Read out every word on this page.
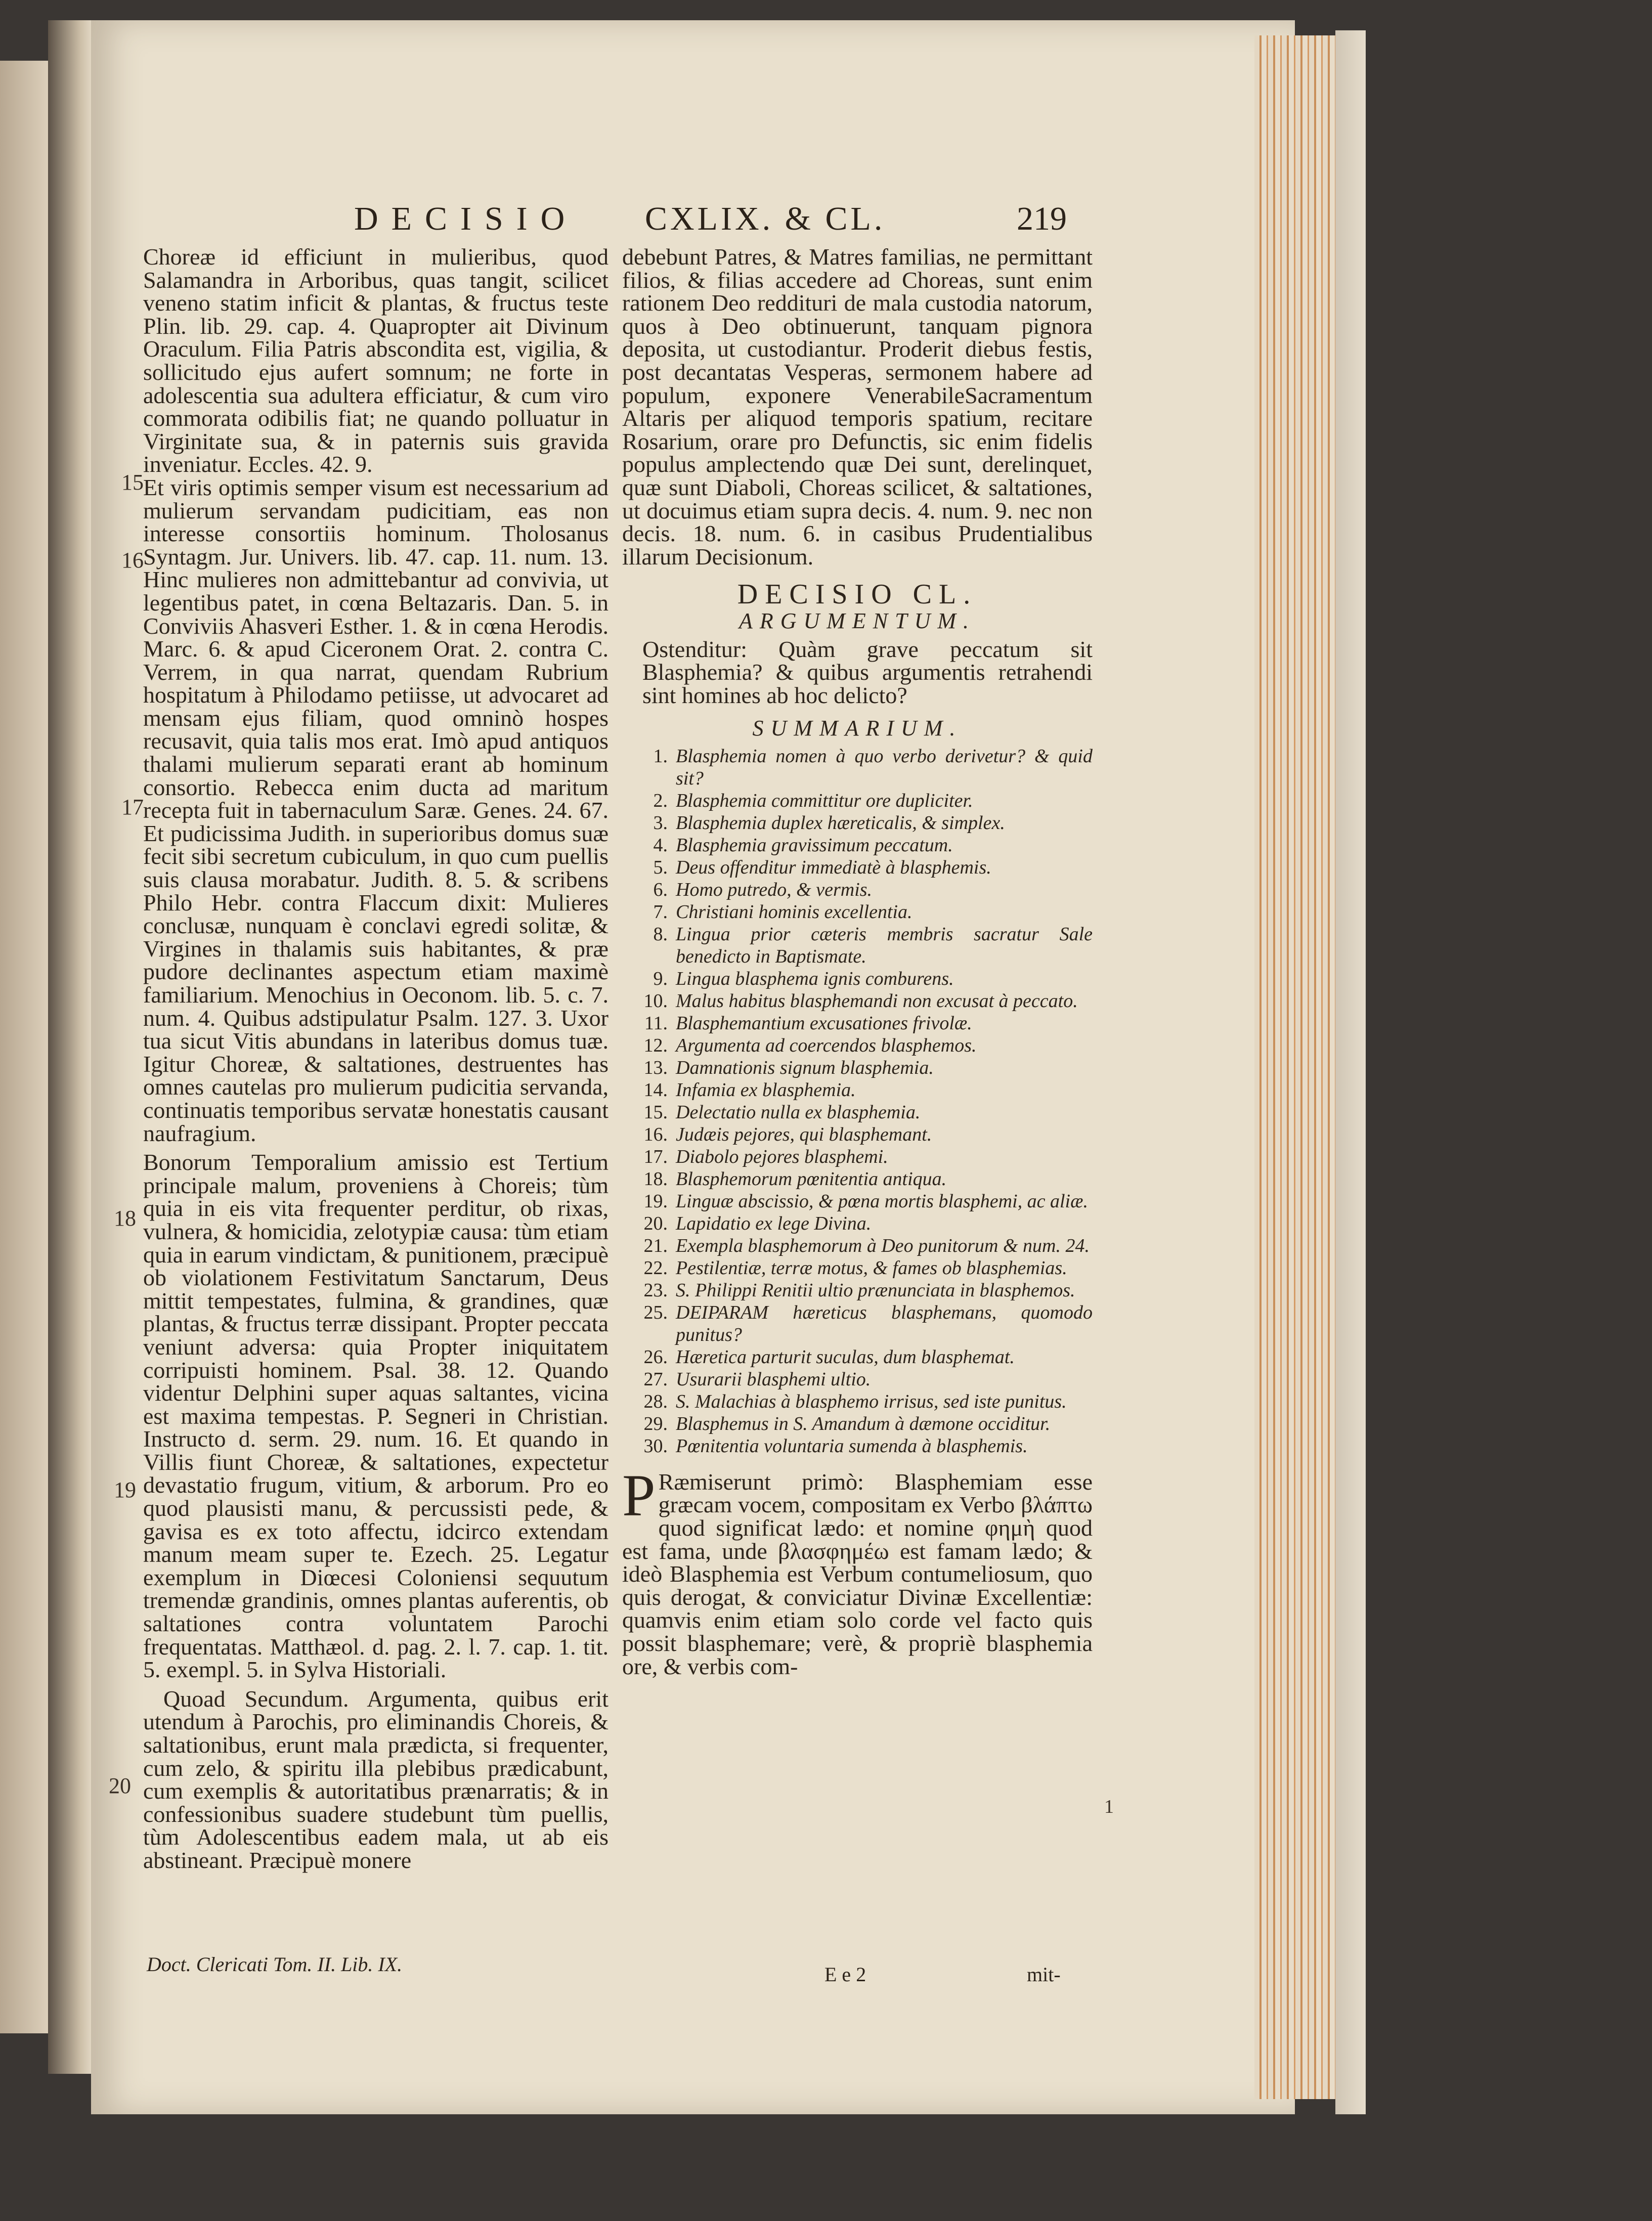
DECISIO CXLIX. & CL.	219

Choreæ id efficiunt in mulieribus, quod Salamandra in Arboribus, quas tangit, scilicet veneno statim inficit & plantas, & fructus teste Plin. lib. 29. cap. 4. Quapropter ait Divinum Oraculum. Filia Patris abscondita est, vigilia, & sollicitudo ejus aufert somnum; ne forte in adolescentia sua adultera efficiatur, & cum viro commorata odibilis fiat; ne quando polluatur in Virginitate sua, & in paternis suis gravida inveniatur. Eccles. 42. 9.

Et viris optimis semper visum est necessarium ad mulierum servandam pudicitiam, eas non interesse consortiis hominum. Tholosanus Syntagm. Jur. Univers. lib. 47. cap. 11. num. 13. Hinc mulieres non admittebantur ad convivia, ut legentibus patet, in cœna Beltazaris. Dan. 5. in Conviviis Ahasveri Esther. 1. & in cœna Herodis. Marc. 6. & apud Ciceronem Orat. 2. contra C. Verrem, in qua narrat, quendam Rubrium hospitatum à Philodamo petiisse, ut advocaret ad mensam ejus filiam, quod omninò hospes recusavit, quia talis mos erat. Imò apud antiquos thalami mulierum separati erant ab hominum consortio. Rebecca enim ducta ad maritum recepta fuit in tabernaculum Saræ. Genes. 24. 67. Et pudicissima Judith. in superioribus domus suæ fecit sibi secretum cubiculum, in quo cum puellis suis clausa morabatur. Judith. 8. 5. & scribens Philo Hebr. contra Flaccum dixit: Mulieres conclusæ, nunquam è conclavi egredi solitæ, & Virgines in thalamis suis habitantes, & præ pudore declinantes aspectum etiam maximè familiarium. Menochius in Oeconom. lib. 5. c. 7. num. 4. Quibus adstipulatur Psalm. 127. 3. Uxor tua sicut Vitis abundans in lateribus domus tuæ. Igitur Choreæ, & saltationes, destruentes has omnes cautelas pro mulierum pudicitia servanda, continuatis temporibus servatæ honestatis causant naufragium.

Bonorum Temporalium amissio est Tertium principale malum, proveniens à Choreis; tùm quia in eis vita frequenter perditur, ob rixas, vulnera, & homicidia, zelotypiæ causa: tùm etiam quia in earum vindictam, & punitionem, præcipuè ob violationem Festivitatum Sanctarum, Deus mittit tempestates, fulmina, & grandines, quæ plantas, & fructus terræ dissipant. Propter peccata veniunt adversa: quia Propter iniquitatem corripuisti hominem. Psal. 38. 12. Quando videntur Delphini super aquas saltantes, vicina est maxima tempestas. P. Segneri in Christian. Instructo d. serm. 29. num. 16. Et quando in Villis fiunt Choreæ, & saltationes, expectetur devastatio frugum, vitium, & arborum. Pro eo quod plausisti manu, & percussisti pede, & gavisa es ex toto affectu, idcirco extendam manum meam super te. Ezech. 25. Legatur exemplum in Diœcesi Coloniensi sequutum tremendæ grandinis, omnes plantas auferentis, ob saltationes contra voluntatem Parochi frequentatas. Matthæol. d. pag. 2. l. 7. cap. 1. tit. 5. exempl. 5. in Sylva Historiali.

Quoad Secundum. Argumenta, quibus erit utendum à Parochis, pro eliminandis Choreis, & saltationibus, erunt mala prædicta, si frequenter, cum zelo, & spiritu illa plebibus prædicabunt, cum exemplis & autoritatibus prænarratis; & in confessionibus suadere studebunt tùm puellis, tùm Adolescentibus eadem mala, ut ab eis abstineant. Præcipuè monere

15
16
17
18
19
20
Doct. Clericati Tom. II. Lib. IX.	E e 2	mit-

debebunt Patres, & Matres familias, ne permittant filios, & filias accedere ad Choreas, sunt enim rationem Deo reddituri de mala custodia natorum, quos à Deo obtinuerunt, tanquam pignora deposita, ut custodiantur. Proderit diebus festis, post decantatas Vesperas, sermonem habere ad populum, exponere VenerabileSacramentum Altaris per aliquod temporis spatium, recitare Rosarium, orare pro Defunctis, sic enim fidelis populus amplectendo quæ Dei sunt, derelinquet, quæ sunt Diaboli, Choreas scilicet, & saltationes, ut docuimus etiam supra decis. 4. num. 9. nec non decis. 18. num. 6. in casibus Prudentialibus illarum Decisionum.

DECISIO CL.
ARGUMENTUM.

Ostenditur: Quàm grave peccatum sit Blasphemia? & quibus argumentis retrahendi sint homines ab hoc delicto?

SUMMARIUM.
1. Blasphemia nomen à quo verbo derivetur? & quid sit?
2. Blasphemia committitur ore dupliciter.
3. Blasphemia duplex hæreticalis, & simplex.
4. Blasphemia gravissimum peccatum.
5. Deus offenditur immediatè à blasphemis.
6. Homo putredo, & vermis.
7. Christiani hominis excellentia.
8. Lingua prior cæteris membris sacratur Sale benedicto in Baptismate.
9. Lingua blasphema ignis comburens.
10. Malus habitus blasphemandi non excusat à peccato.
11. Blasphemantium excusationes frivolæ.
12. Argumenta ad coercendos blasphemos.
13. Damnationis signum blasphemia.
14. Infamia ex blasphemia.
15. Delectatio nulla ex blasphemia.
16. Judæis pejores, qui blasphemant.
17. Diabolo pejores blasphemi.
18. Blasphemorum pœnitentia antiqua.
19. Linguæ abscissio, & pœna mortis blasphemi, ac aliæ.
20. Lapidatio ex lege Divina.
21. Exempla blasphemorum à Deo punitorum & num. 24.
22. Pestilentiæ, terræ motus, & fames ob blasphemias.
23. S. Philippi Renitii ultio prænunciata in blasphemos.
25. DEIPARAM hæreticus blasphemans, quomodo punitus?
26. Hæretica parturit suculas, dum blasphemat.
27. Usurarii blasphemi ultio.
28. S. Malachias à blasphemo irrisus, sed iste punitus.
29. Blasphemus in S. Amandum à dæmone occiditur.
30. Pœnitentia voluntaria sumenda à blasphemis.

P Ræmiserunt primò: Blasphemiam esse græcam vocem, compositam ex Verbo βλάπτω quod significat lædo: et nomine φημὴ quod est fama, unde βλασφημέω est famam lædo; & ideò Blasphemia est Verbum contumeliosum, quo quis derogat, & conviciatur Divinæ Excellentiæ: quamvis enim etiam solo corde vel facto quis possit blasphemare; verè, & propriè blasphemia ore, & verbis com-

1
